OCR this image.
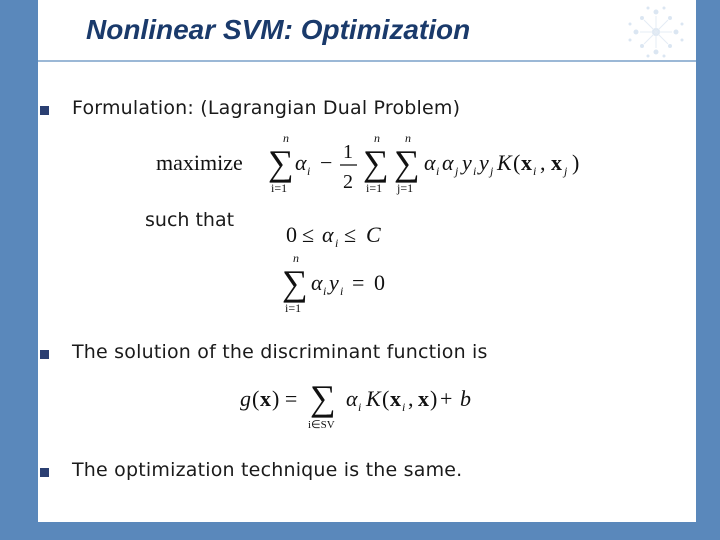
Nonlinear SVM: Optimization
Formulation: (Lagrangian Dual Problem)
maximize
n
∑
i=1
α i − 1
2
n
∑
i=1
n
∑
j=1
α i α j y i y j K ( x i , x j )
such that
0 ≤ α i ≤ C
n
∑
i=1
α i y i = 0
The solution of the discriminant function is
g ( x ) = ∑
i∈SV
α i K ( x i , x ) + b
The optimization technique is the same.
